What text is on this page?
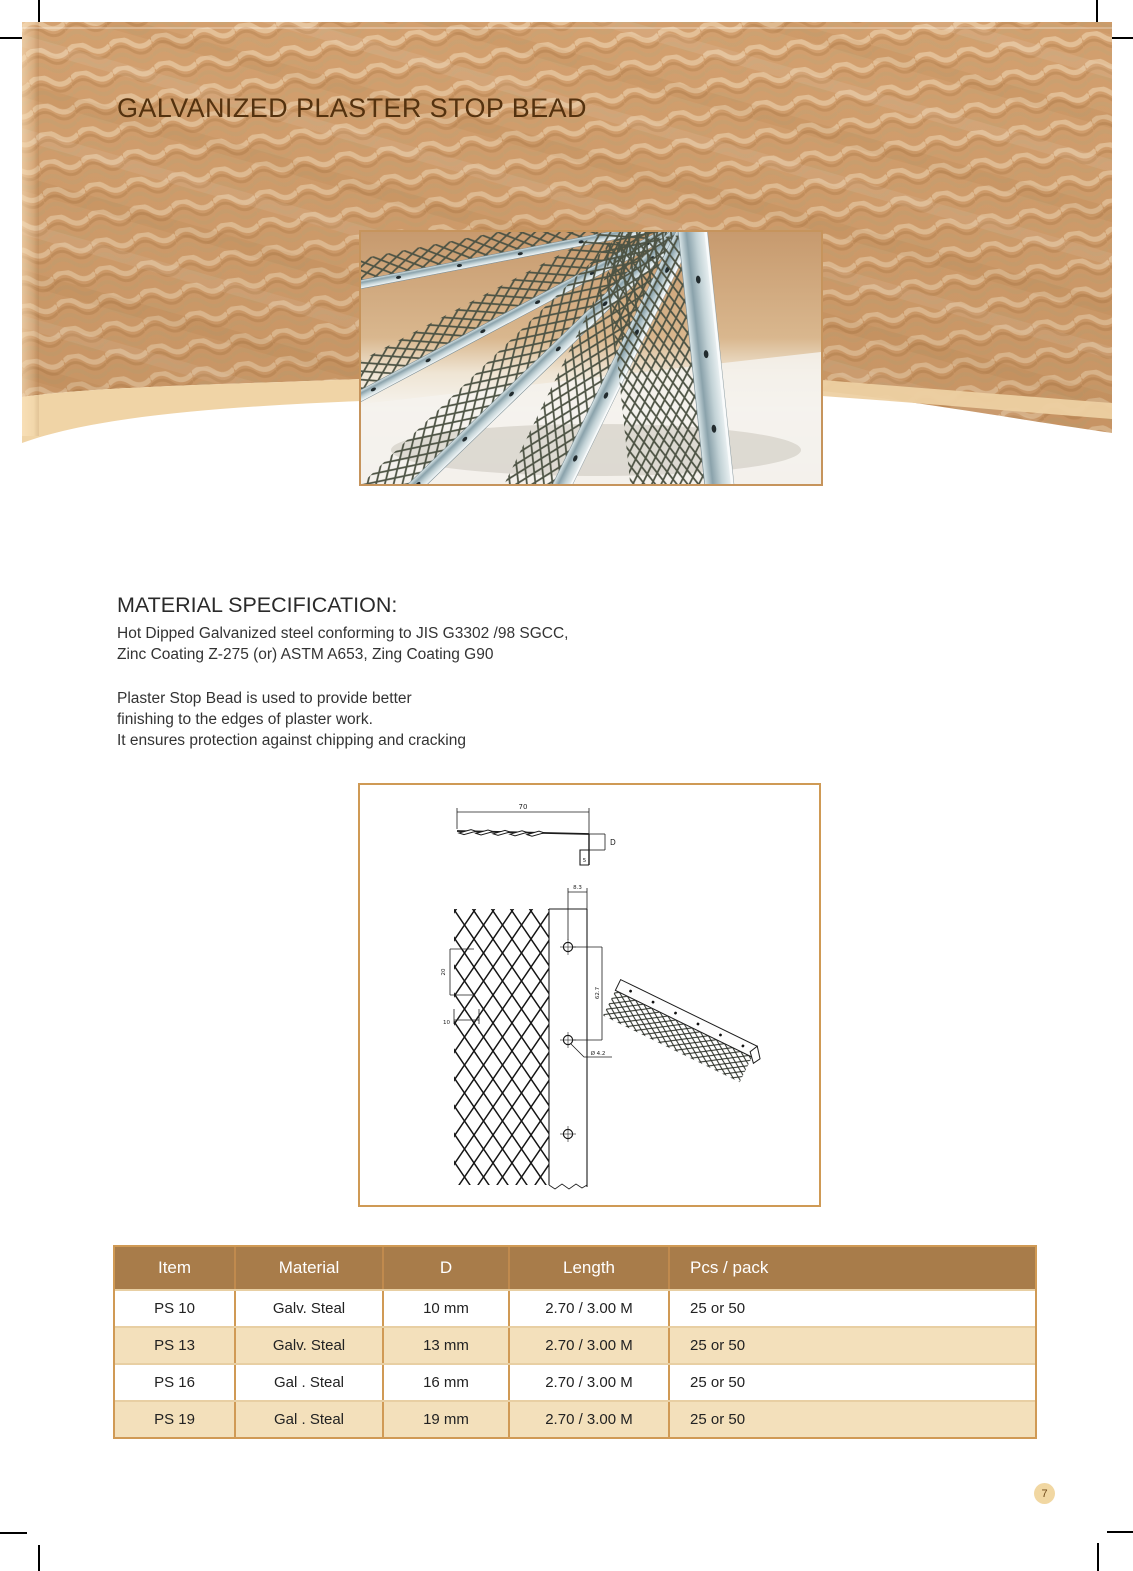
GALVANIZED PLASTER STOP BEAD
MATERIAL SPECIFICATION:
Hot Dipped Galvanized steel conforming to JIS G3302 /98 SGCC,
Zinc Coating Z-275 (or) ASTM A653, Zing Coating G90
Plaster Stop Bead is used to provide better
finishing to the edges of plaster work.
It ensures protection against chipping and cracking
70
D
5
8.3
62.7
Ø 4.2
20
10
Item	Material	D	Length	Pcs / pack
PS 10	Galv. Steal	10 mm	2.70 / 3.00 M	25 or 50
PS 13	Galv. Steal	13 mm	2.70 / 3.00 M	25 or 50
PS 16	Gal . Steal	16 mm	2.70 / 3.00 M	25 or 50
PS 19	Gal . Steal	19 mm	2.70 / 3.00 M	25 or 50
7
